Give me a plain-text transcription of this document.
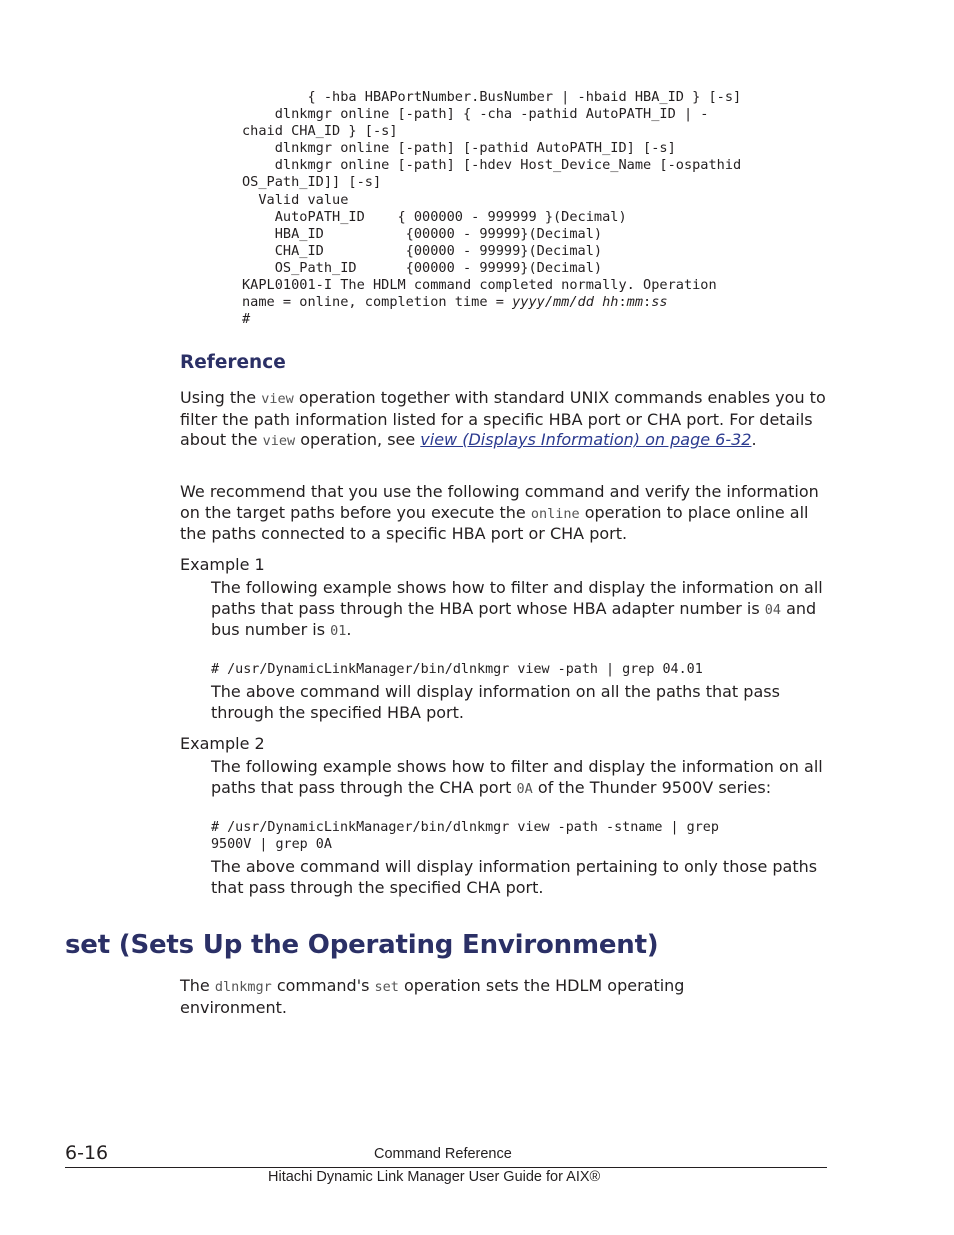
{ -hba HBAPortNumber.BusNumber | -hbaid HBA_ID } [-s]
dlnkmgr online [-path] { -cha -pathid AutoPATH_ID | -
chaid CHA_ID } [-s]
dlnkmgr online [-path] [-pathid AutoPATH_ID] [-s]
dlnkmgr online [-path] [-hdev Host_Device_Name [-ospathid
OS_Path_ID]] [-s]
Valid value
AutoPATH_ID    { 000000 - 999999 }(Decimal)
HBA_ID          {00000 - 99999}(Decimal)
CHA_ID          {00000 - 99999}(Decimal)
OS_Path_ID      {00000 - 99999}(Decimal)
KAPL01001-I The HDLM command completed normally. Operation
name = online, completion time = yyyy/mm/dd hh:mm:ss
#
Reference

Using the view operation together with standard UNIX commands enables you to filter the path information listed for a specific HBA port or CHA port. For details about the view operation, see view (Displays Information) on page 6-32.

We recommend that you use the following command and verify the information on the target paths before you execute the online operation to place online all the paths connected to a specific HBA port or CHA port.

Example 1

The following example shows how to filter and display the information on all paths that pass through the HBA port whose HBA adapter number is 04 and bus number is 01.

# /usr/DynamicLinkManager/bin/dlnkmgr view -path | grep 04.01

The above command will display information on all the paths that pass through the specified HBA port.

Example 2

The following example shows how to filter and display the information on all paths that pass through the CHA port 0A of the Thunder 9500V series:

# /usr/DynamicLinkManager/bin/dlnkmgr view -path -stname | grep
9500V | grep 0A

The above command will display information pertaining to only those paths that pass through the specified CHA port.

set (Sets Up the Operating Environment)

The dlnkmgr command's set operation sets the HDLM operating environment.

6-16	Command Reference

Hitachi Dynamic Link Manager User Guide for AIX®
